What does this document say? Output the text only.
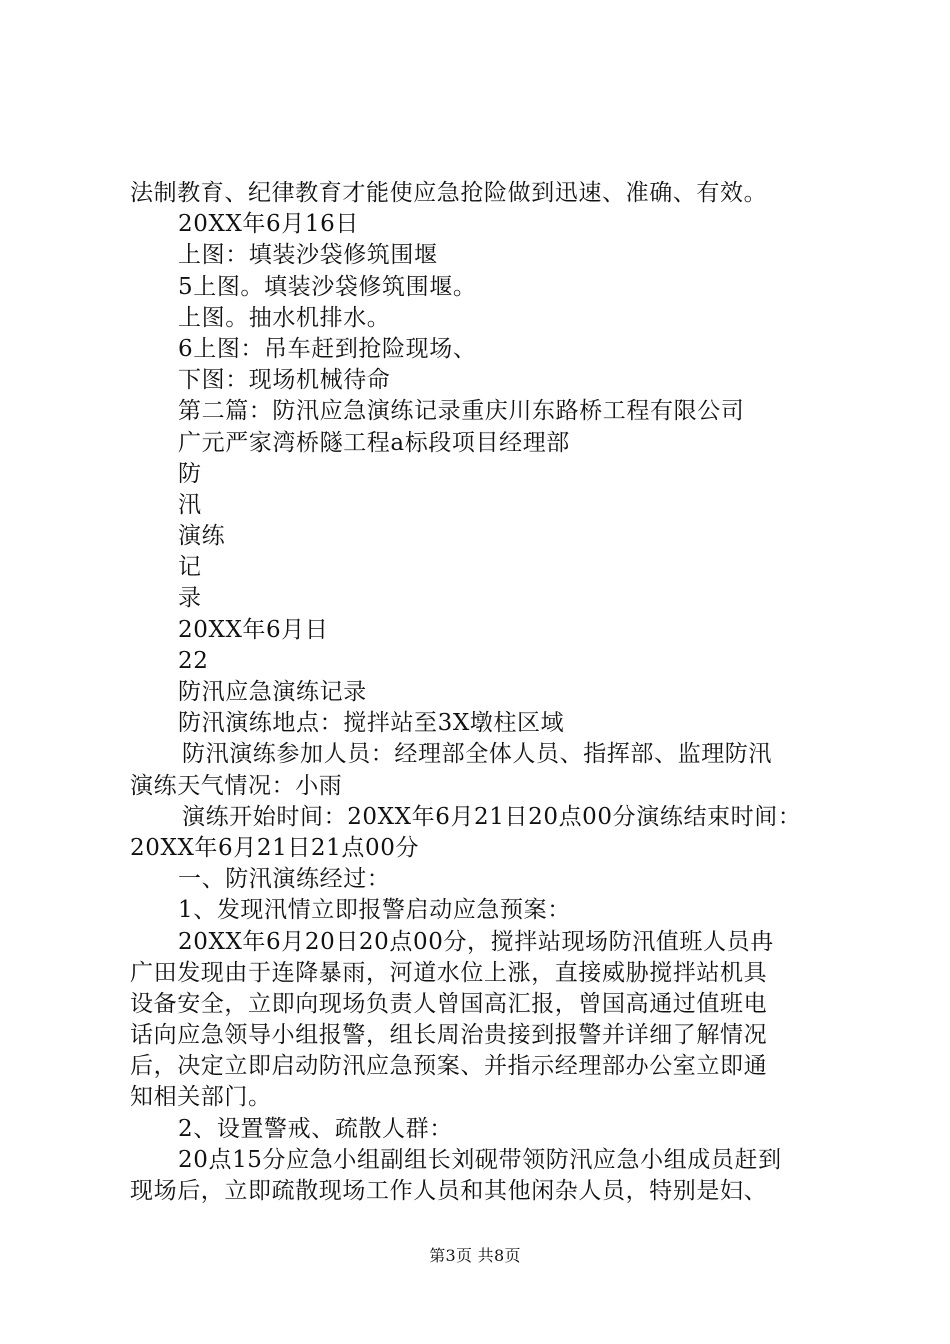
法制教育、纪律教育才能使应急抢险做到迅速、准确、有效。
20XX年6月16日
上图：填装沙袋修筑围堰
5上图。填装沙袋修筑围堰。
上图。抽水机排水。
6上图：吊车赶到抢险现场、
下图：现场机械待命
第二篇：防汛应急演练记录重庆川东路桥工程有限公司
广元严家湾桥隧工程a标段项目经理部
防
汛
演练
记
录
20XX年6月日
22
防汛应急演练记录
防汛演练地点：搅拌站至3X墩柱区域
防汛演练参加人员：经理部全体人员、指挥部、监理防汛
演练天气情况：小雨
演练开始时间：20XX年6月21日20点00分演练结束时间：
20XX年6月21日21点00分
一、防汛演练经过：
1、发现汛情立即报警启动应急预案：
20XX年6月20日20点00分，搅拌站现场防汛值班人员冉
广田发现由于连降暴雨，河道水位上涨，直接威胁搅拌站机具
设备安全，立即向现场负责人曾国高汇报，曾国高通过值班电
话向应急领导小组报警，组长周治贵接到报警并详细了解情况
后，决定立即启动防汛应急预案、并指示经理部办公室立即通
知相关部门。
2、设置警戒、疏散人群：
20点15分应急小组副组长刘砚带领防汛应急小组成员赶到
现场后，立即疏散现场工作人员和其他闲杂人员，特别是妇、
第3页 共8页
